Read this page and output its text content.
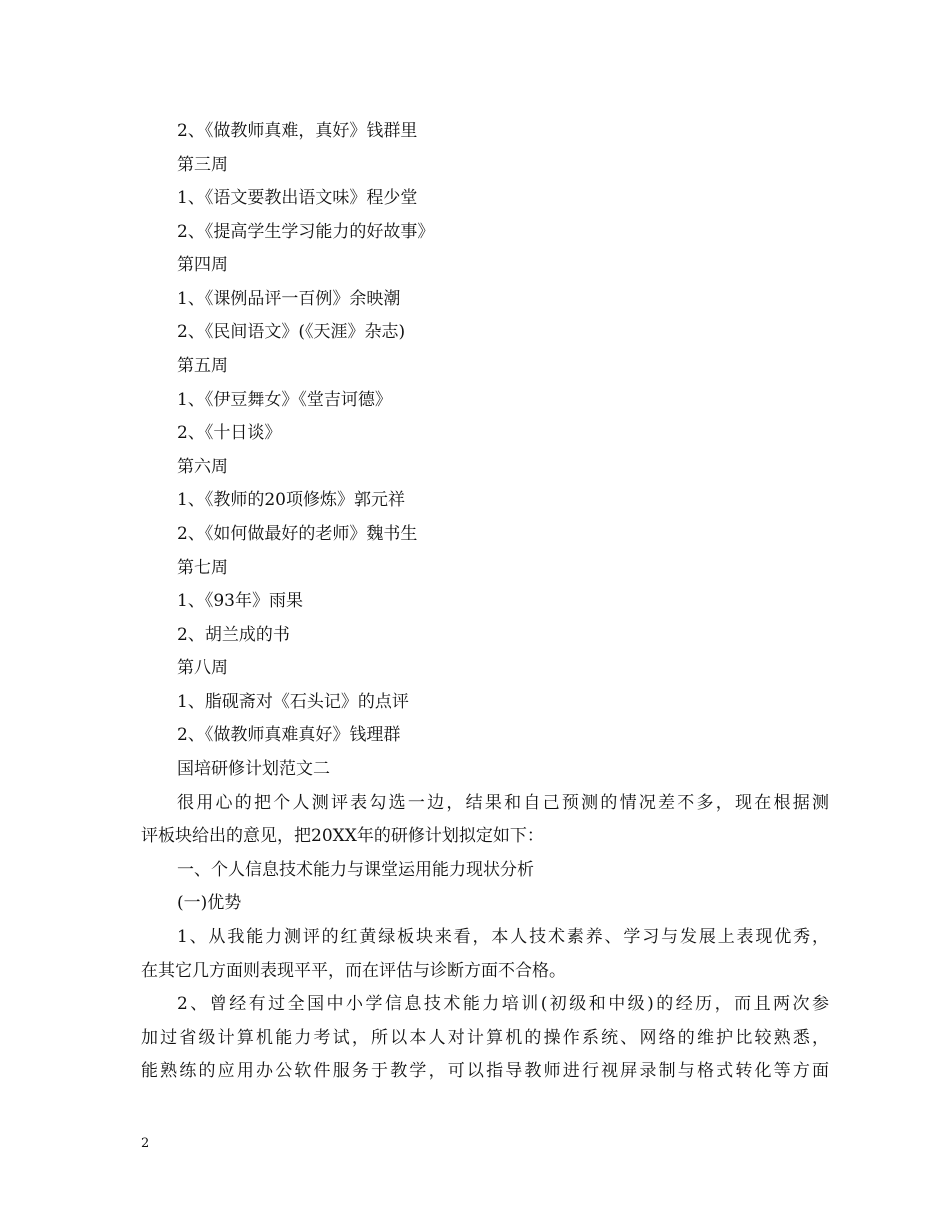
2、《做教师真难，真好》钱群里
第三周
1、《语文要教出语文味》程少堂
2、《提高学生学习能力的好故事》
第四周
1、《课例品评一百例》余映潮
2、《民间语文》(《天涯》杂志)
第五周
1、《伊豆舞女》《堂吉诃德》
2、《十日谈》
第六周
1、《教师的20项修炼》郭元祥
2、《如何做最好的老师》魏书生
第七周
1、《93年》雨果
2、胡兰成的书
第八周
1、脂砚斋对《石头记》的点评
2、《做教师真难真好》钱理群
国培研修计划范文二
很用心的把个人测评表勾选一边，结果和自己预测的情况差不多，现在根据测
评板块给出的意见，把20XX年的研修计划拟定如下：
一、个人信息技术能力与课堂运用能力现状分析
(一)优势
1、从我能力测评的红黄绿板块来看，本人技术素养、学习与发展上表现优秀，
在其它几方面则表现平平，而在评估与诊断方面不合格。
2、曾经有过全国中小学信息技术能力培训(初级和中级)的经历，而且两次参
加过省级计算机能力考试，所以本人对计算机的操作系统、网络的维护比较熟悉，
能熟练的应用办公软件服务于教学，可以指导教师进行视屏录制与格式转化等方面
2
